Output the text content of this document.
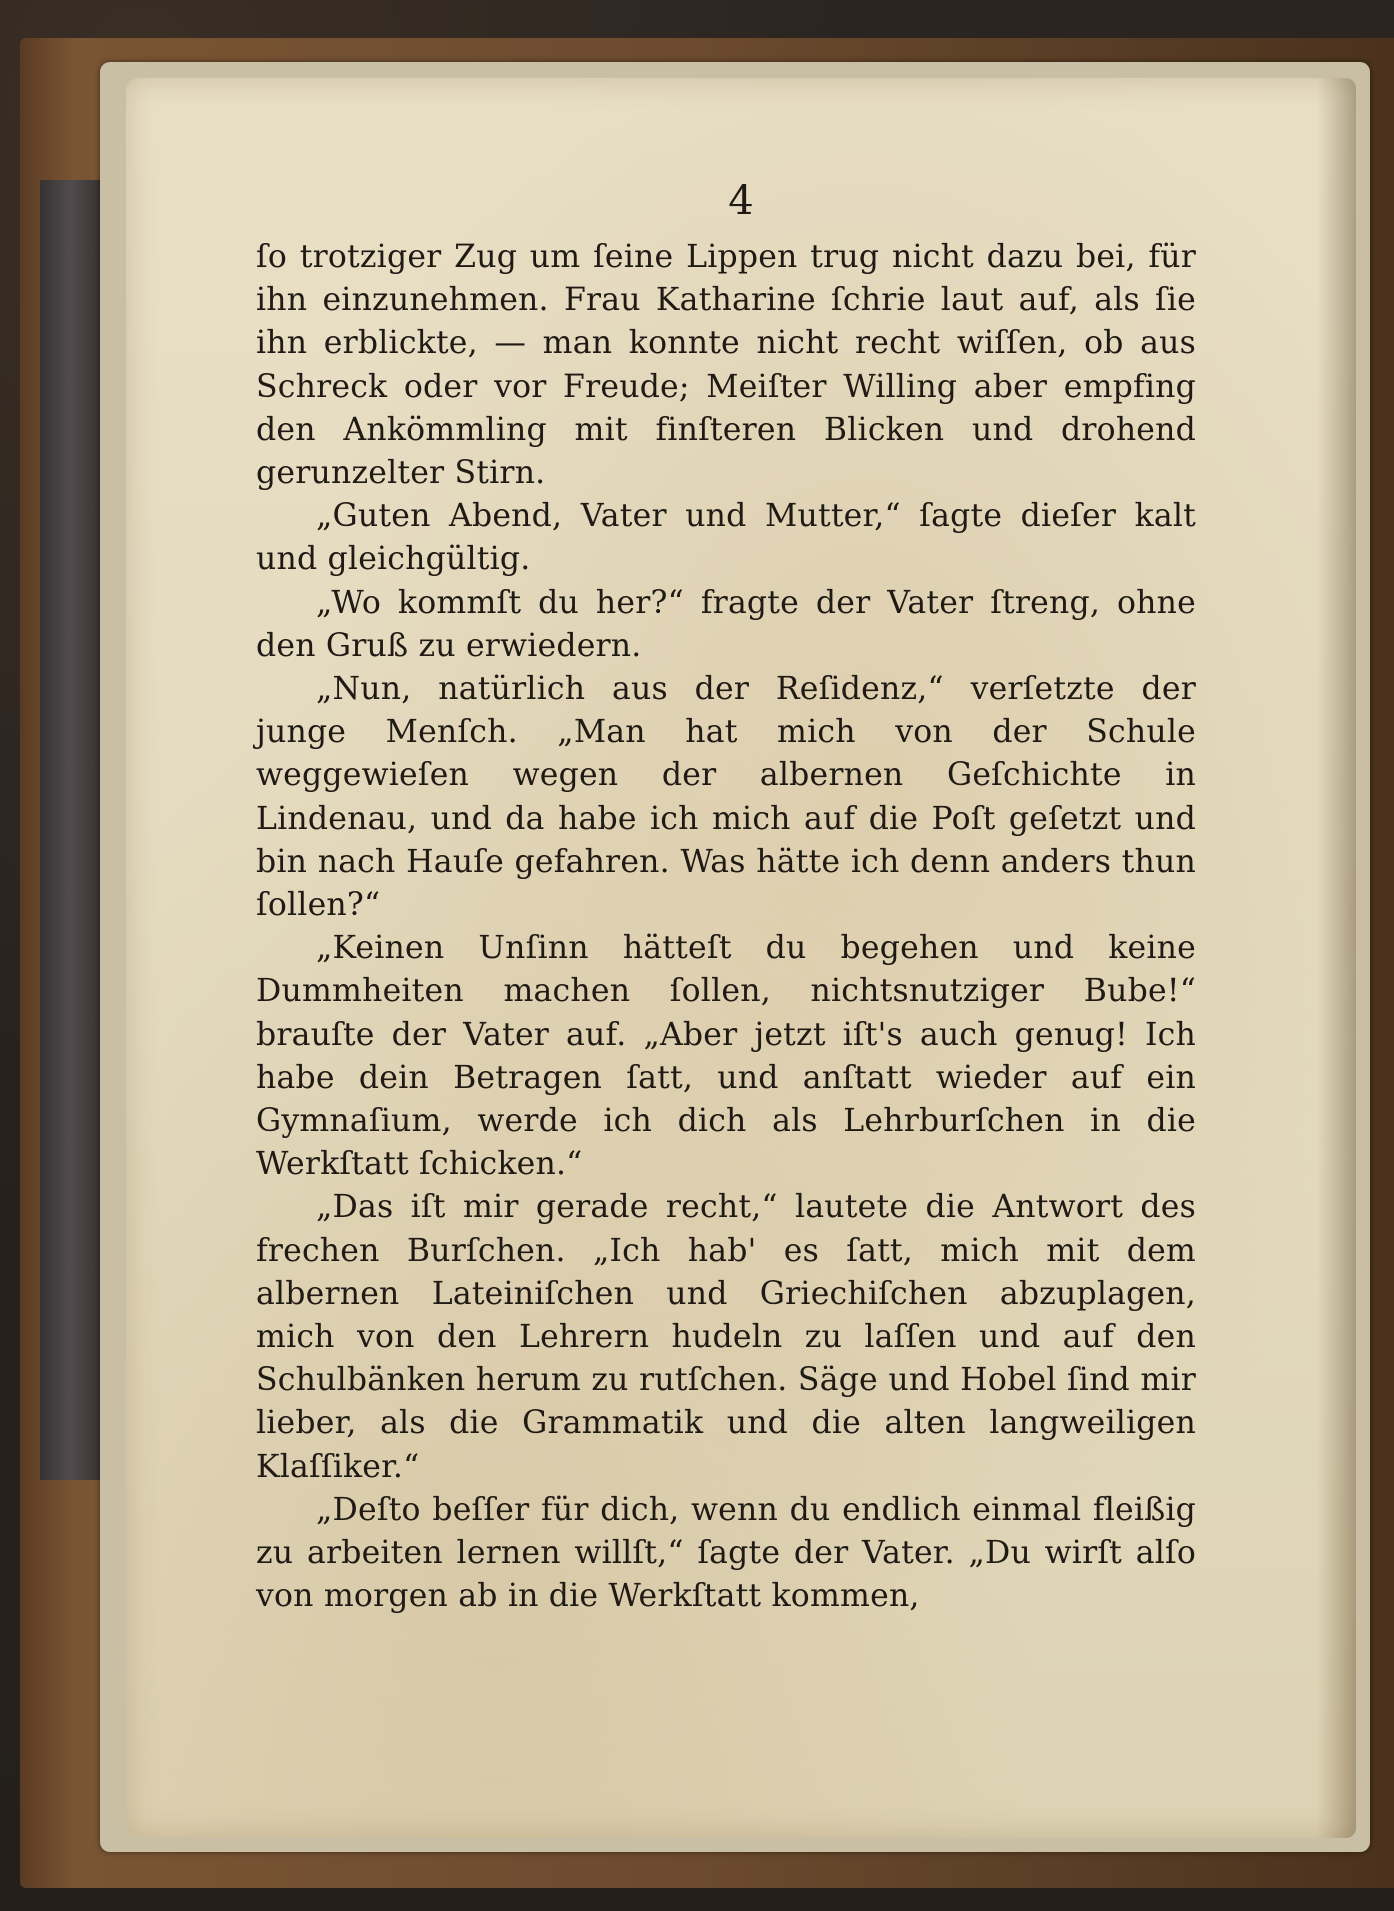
4

ſo trotziger Zug um ſeine Lippen trug nicht dazu bei, für ihn einzunehmen. Frau Katharine ſchrie laut auf, als ſie ihn erblickte, — man konnte nicht recht wiſſen, ob aus Schreck oder vor Freude; Meiſter Willing aber empfing den Ankömmling mit finſteren Blicken und drohend gerunzelter Stirn.

„Guten Abend, Vater und Mutter,“ ſagte dieſer kalt und gleichgültig.

„Wo kommſt du her?“ fragte der Vater ſtreng, ohne den Gruß zu erwiedern.

„Nun, natürlich aus der Reſidenz,“ verſetzte der junge Menſch. „Man hat mich von der Schule weggewieſen wegen der albernen Geſchichte in Lindenau, und da habe ich mich auf die Poſt geſetzt und bin nach Hauſe gefahren. Was hätte ich denn anders thun ſollen?“

„Keinen Unſinn hätteſt du begehen und keine Dummheiten machen ſollen, nichtsnutziger Bube!“ brauſte der Vater auf. „Aber jetzt iſt's auch genug! Ich habe dein Betragen ſatt, und anſtatt wieder auf ein Gymnaſium, werde ich dich als Lehrburſchen in die Werkſtatt ſchicken.“

„Das iſt mir gerade recht,“ lautete die Antwort des frechen Burſchen. „Ich hab' es ſatt, mich mit dem albernen Lateiniſchen und Griechiſchen abzuplagen, mich von den Lehrern hudeln zu laſſen und auf den Schulbänken herum zu rutſchen. Säge und Hobel ſind mir lieber, als die Grammatik und die alten langweiligen Klaſſiker.“

„Deſto beſſer für dich, wenn du endlich einmal fleißig zu arbeiten lernen willſt,“ ſagte der Vater. „Du wirſt alſo von morgen ab in die Werkſtatt kommen,
